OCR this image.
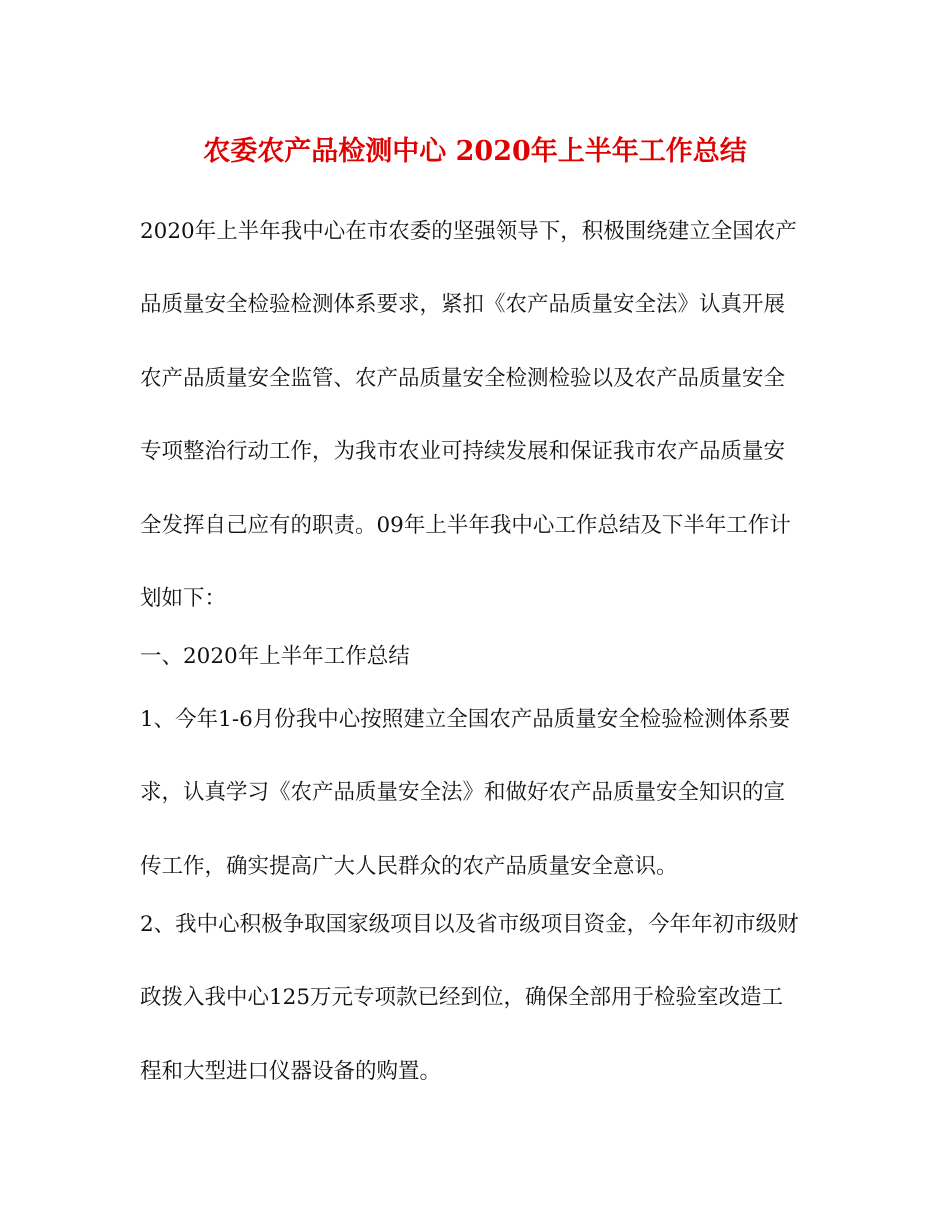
农委农产品检测中心 2020年上半年工作总结
2020年上半年我中心在市农委的坚强领导下，积极围绕建立全国农产
品质量安全检验检测体系要求，紧扣《农产品质量安全法》认真开展
农产品质量安全监管、农产品质量安全检测检验以及农产品质量安全
专项整治行动工作，为我市农业可持续发展和保证我市农产品质量安
全发挥自己应有的职责。09年上半年我中心工作总结及下半年工作计
划如下：
一、2020年上半年工作总结
1、今年1-6月份我中心按照建立全国农产品质量安全检验检测体系要
求，认真学习《农产品质量安全法》和做好农产品质量安全知识的宣
传工作，确实提高广大人民群众的农产品质量安全意识。
2、我中心积极争取国家级项目以及省市级项目资金，今年年初市级财
政拨入我中心125万元专项款已经到位，确保全部用于检验室改造工
程和大型进口仪器设备的购置。
